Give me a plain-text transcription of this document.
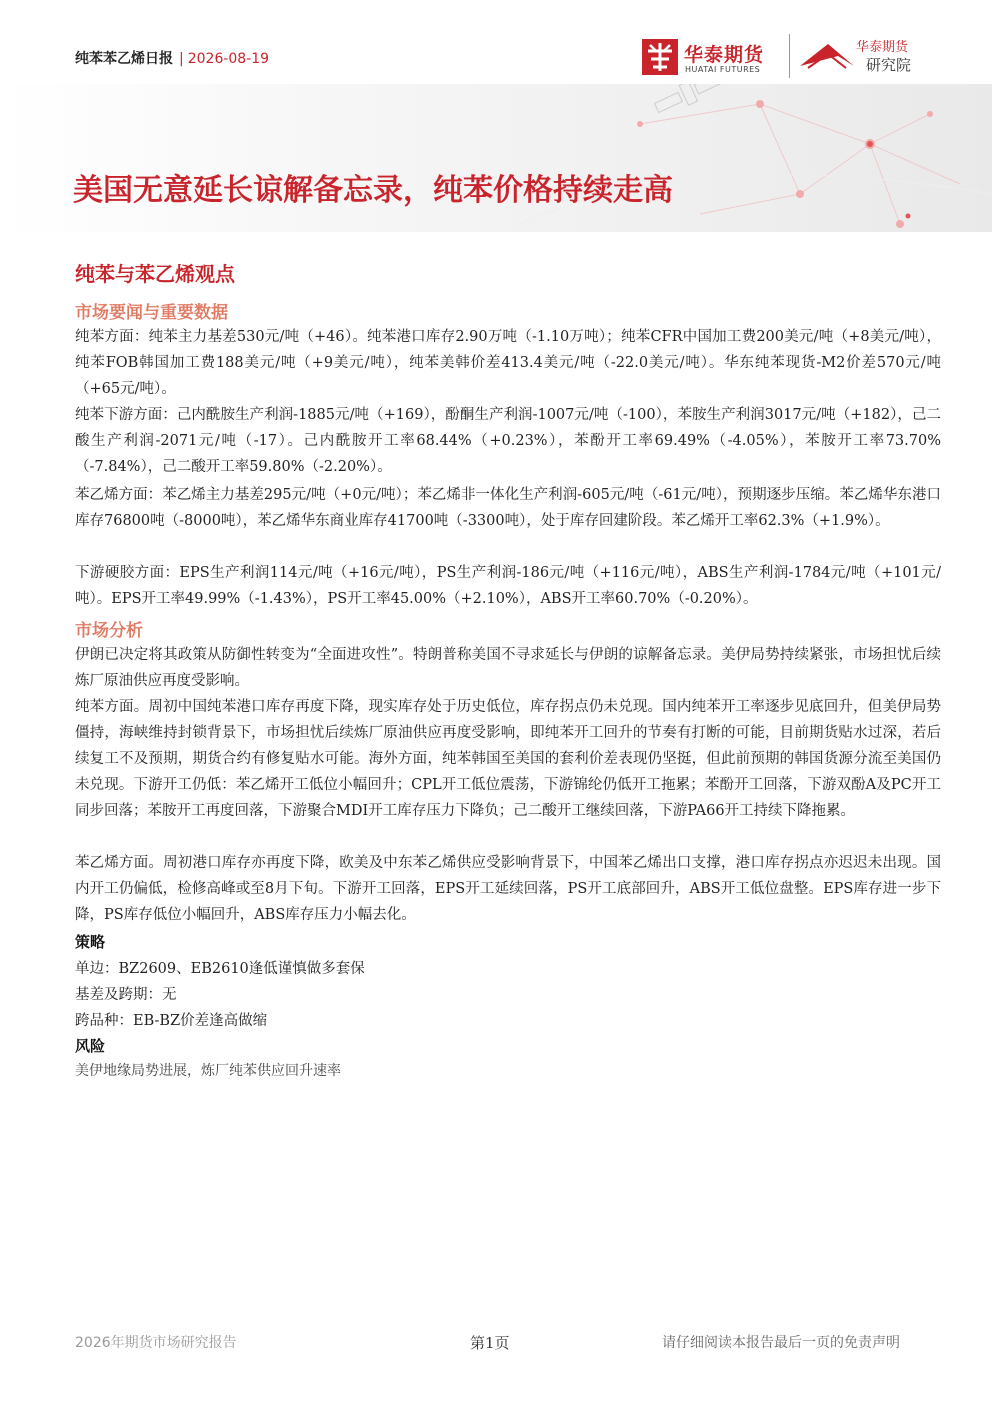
纯苯苯乙烯日报 | 2026-08-19	华泰期货
HUATAI FUTURES
华泰期货
研究院
美国无意延长谅解备忘录，纯苯价格持续走高
纯苯与苯乙烯观点
市场要闻与重要数据

纯苯方面：纯苯主力基差530元/吨（+46）。纯苯港口库存2.90万吨（-1.10万吨）；纯苯CFR中国加工费200美元/吨（+8美元/吨），纯苯FOB韩国加工费188美元/吨（+9美元/吨），纯苯美韩价差413.4美元/吨（-22.0美元/吨）。华东纯苯现货-M2价差570元/吨（+65元/吨）。

纯苯下游方面：己内酰胺生产利润-1885元/吨（+169），酚酮生产利润-1007元/吨（-100），苯胺生产利润3017元/吨（+182），己二酸生产利润-2071元/吨（-17）。己内酰胺开工率68.44%（+0.23%），苯酚开工率69.49%（-4.05%），苯胺开工率73.70%（-7.84%），己二酸开工率59.80%（-2.20%）。

苯乙烯方面：苯乙烯主力基差295元/吨（+0元/吨）；苯乙烯非一体化生产利润-605元/吨（-61元/吨），预期逐步压缩。苯乙烯华东港口库存76800吨（-8000吨），苯乙烯华东商业库存41700吨（-3300吨），处于库存回建阶段。苯乙烯开工率62.3%（+1.9%）。

下游硬胶方面：EPS生产利润114元/吨（+16元/吨），PS生产利润-186元/吨（+116元/吨），ABS生产利润-1784元/吨（+101元/吨）。EPS开工率49.99%（-1.43%），PS开工率45.00%（+2.10%），ABS开工率60.70%（-0.20%）。

市场分析

伊朗已决定将其政策从防御性转变为“全面进攻性”。特朗普称美国不寻求延长与伊朗的谅解备忘录。美伊局势持续紧张，市场担忧后续炼厂原油供应再度受影响。

纯苯方面。周初中国纯苯港口库存再度下降，现实库存处于历史低位，库存拐点仍未兑现。国内纯苯开工率逐步见底回升，但美伊局势僵持，海峡维持封锁背景下，市场担忧后续炼厂原油供应再度受影响，即纯苯开工回升的节奏有打断的可能，目前期货贴水过深，若后续复工不及预期，期货合约有修复贴水可能。海外方面，纯苯韩国至美国的套利价差表现仍坚挺，但此前预期的韩国货源分流至美国仍未兑现。下游开工仍低：苯乙烯开工低位小幅回升；CPL开工低位震荡，下游锦纶仍低开工拖累；苯酚开工回落，下游双酚A及PC开工同步回落；苯胺开工再度回落，下游聚合MDI开工库存压力下降负；己二酸开工继续回落，下游PA66开工持续下降拖累。

苯乙烯方面。周初港口库存亦再度下降，欧美及中东苯乙烯供应受影响背景下，中国苯乙烯出口支撑，港口库存拐点亦迟迟未出现。国内开工仍偏低，检修高峰或至8月下旬。下游开工回落，EPS开工延续回落，PS开工底部回升，ABS开工低位盘整。EPS库存进一步下降，PS库存低位小幅回升，ABS库存压力小幅去化。

策略
单边：BZ2609、EB2610逢低谨慎做多套保
基差及跨期：无
跨品种：EB-BZ价差逢高做缩
风险
美伊地缘局势进展，炼厂纯苯供应回升速率
2026年期货市场研究报告	第1页	请仔细阅读本报告最后一页的免责声明
